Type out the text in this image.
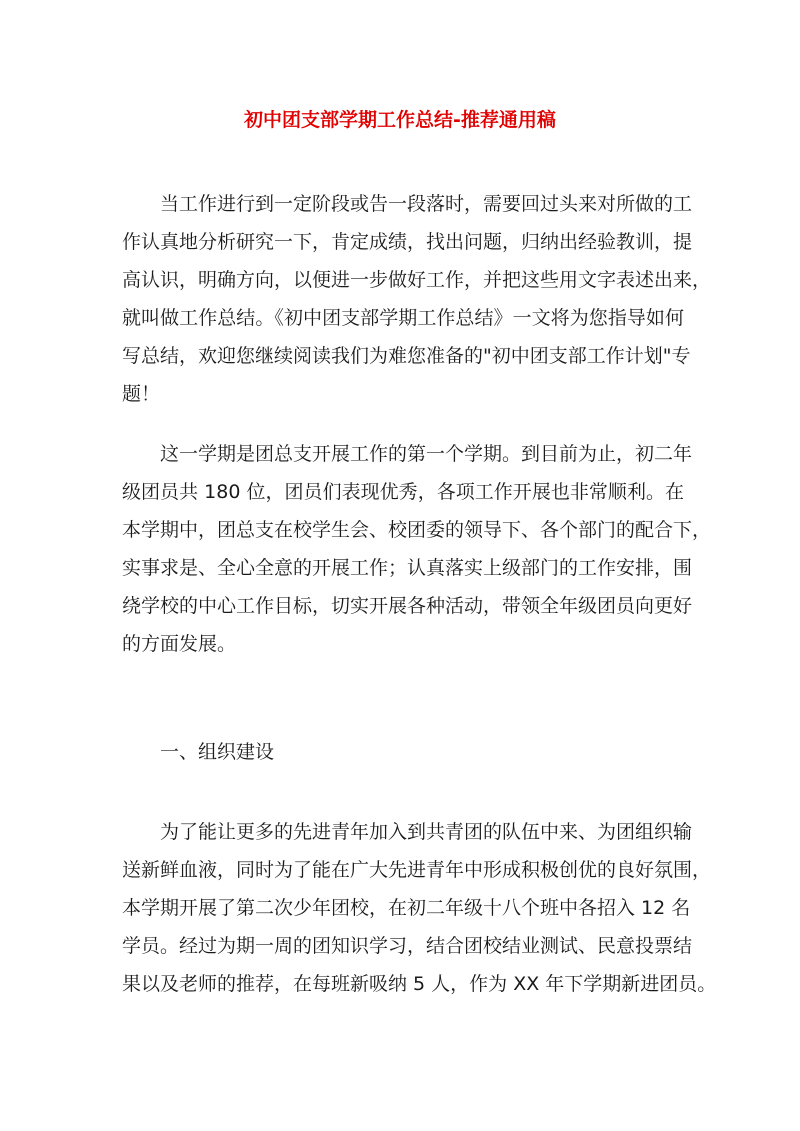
初中团支部学期工作总结-推荐通用稿
当工作进行到一定阶段或告一段落时，需要回过头来对所做的工
作认真地分析研究一下，肯定成绩，找出问题，归纳出经验教训，提
高认识，明确方向，以便进一步做好工作，并把这些用文字表述出来，
就叫做工作总结。《初中团支部学期工作总结》一文将为您指导如何
写总结，欢迎您继续阅读我们为难您准备的"初中团支部工作计划"专
题！
这一学期是团总支开展工作的第一个学期。到目前为止，初二年
级团员共 180 位，团员们表现优秀，各项工作开展也非常顺利。在
本学期中，团总支在校学生会、校团委的领导下、各个部门的配合下，
实事求是、全心全意的开展工作；认真落实上级部门的工作安排，围
绕学校的中心工作目标，切实开展各种活动，带领全年级团员向更好
的方面发展。
一、组织建设
为了能让更多的先进青年加入到共青团的队伍中来、为团组织输
送新鲜血液，同时为了能在广大先进青年中形成积极创优的良好氛围，
本学期开展了第二次少年团校，在初二年级十八个班中各招入 12 名
学员。经过为期一周的团知识学习，结合团校结业测试、民意投票结
果以及老师的推荐，在每班新吸纳 5 人，作为 XX 年下学期新进团员。
